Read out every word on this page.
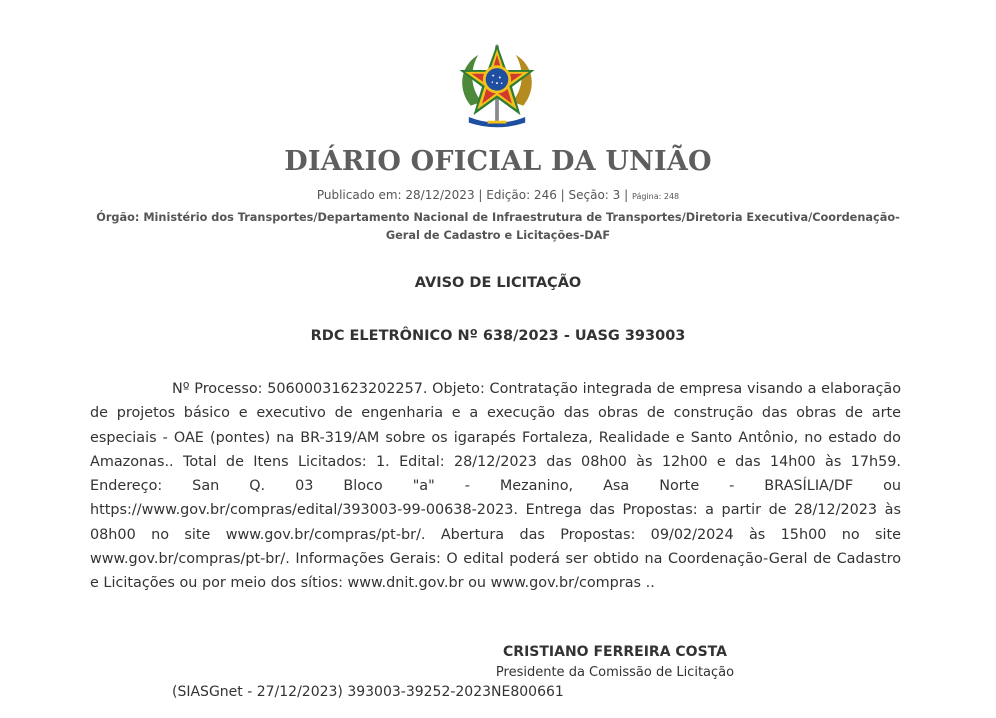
DIÁRIO OFICIAL DA UNIÃO
Publicado em: 28/12/2023 | Edição: 246 | Seção: 3 | Página: 248
Órgão: Ministério dos Transportes/Departamento Nacional de Infraestrutura de Transportes/Diretoria Executiva/Coordenação-Geral de Cadastro e Licitações-DAF
AVISO DE LICITAÇÃO
RDC ELETRÔNICO Nº 638/2023 - UASG 393003

Nº Processo: 50600031623202257. Objeto: Contratação integrada de empresa visando a elaboração de projetos básico e executivo de engenharia e a execução das obras de construção das obras de arte especiais - OAE (pontes) na BR-319/AM sobre os igarapés Fortaleza, Realidade e Santo Antônio, no estado do Amazonas.. Total de Itens Licitados: 1. Edital: 28/12/2023 das 08h00 às 12h00 e das 14h00 às 17h59. Endereço: San Q. 03 Bloco "a" - Mezanino, Asa Norte - BRASÍLIA/DF ou https://www.gov.br/compras/edital/393003-99-00638-2023. Entrega das Propostas: a partir de 28/12/2023 às 08h00 no site www.gov.br/compras/pt-br/. Abertura das Propostas: 09/02/2024 às 15h00 no site www.gov.br/compras/pt-br/. Informações Gerais: O edital poderá ser obtido na Coordenação-Geral de Cadastro e Licitações ou por meio dos sítios: www.dnit.gov.br ou www.gov.br/compras ..

CRISTIANO FERREIRA COSTA
Presidente da Comissão de Licitação
(SIASGnet - 27/12/2023) 393003-39252-2023NE800661
